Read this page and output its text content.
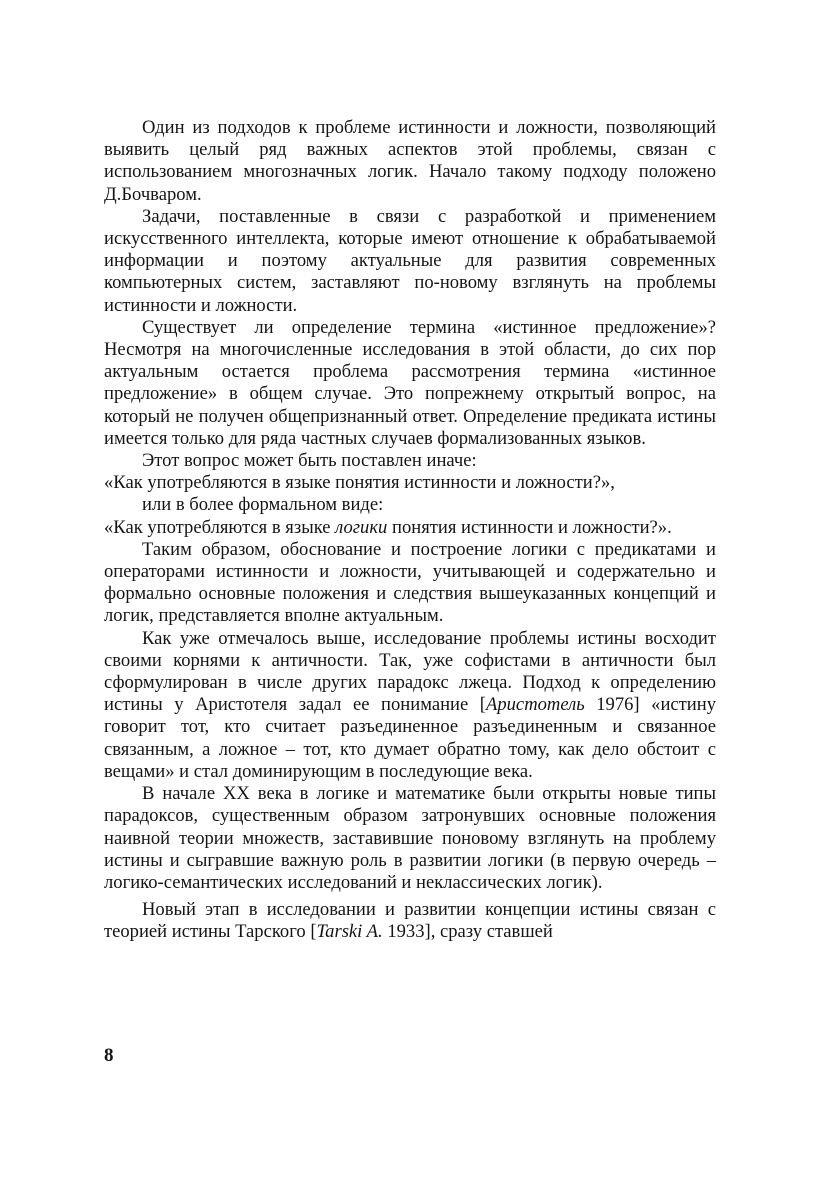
Один из подходов к проблеме истинности и ложности, позволяющий выявить целый ряд важных аспектов этой проблемы, связан с использованием многозначных логик. Начало такому подходу положено Д.Бочваром.

Задачи, поставленные в связи с разработкой и применением искусственного интеллекта, которые имеют отношение к обрабатываемой информации и поэтому актуальные для развития современных компьютерных систем, заставляют по-новому взглянуть на проблемы истинности и ложности.

Существует ли определение термина «истинное предложение»? Несмотря на многочисленные исследования в этой области, до сих пор актуальным остается проблема рассмотрения термина «истинное предложение» в общем случае. Это попрежнему открытый вопрос, на который не получен общепризнанный ответ. Определение предиката истины имеется только для ряда частных случаев формализованных языков.

Этот вопрос может быть поставлен иначе:

«Как употребляются в языке понятия истинности и ложности?»,

или в более формальном виде:

«Как употребляются в языке логики понятия истинности и ложности?».

Таким образом, обоснование и построение логики с предикатами и операторами истинности и ложности, учитывающей и содержательно и формально основные положения и следствия вышеуказанных концепций и логик, представляется вполне актуальным.

Как уже отмечалось выше, исследование проблемы истины восходит своими корнями к античности. Так, уже софистами в античности был сформулирован в числе других парадокс лжеца. Подход к определению истины у Аристотеля задал ее понимание [Аристотель 1976] «истину говорит тот, кто считает разъединенное разъединенным и связанное связанным, а ложное – тот, кто думает обратно тому, как дело обстоит с вещами» и стал доминирующим в последующие века.

В начале XX века в логике и математике были открыты новые типы парадоксов, существенным образом затронувших основные положения наивной теории множеств, заставившие поновому взглянуть на проблему истины и сыгравшие важную роль в развитии логики (в первую очередь – логико-семантических исследований и неклассических логик).

Новый этап в исследовании и развитии концепции истины связан с теорией истины Тарского [Tarski A. 1933], сразу ставшей

8
